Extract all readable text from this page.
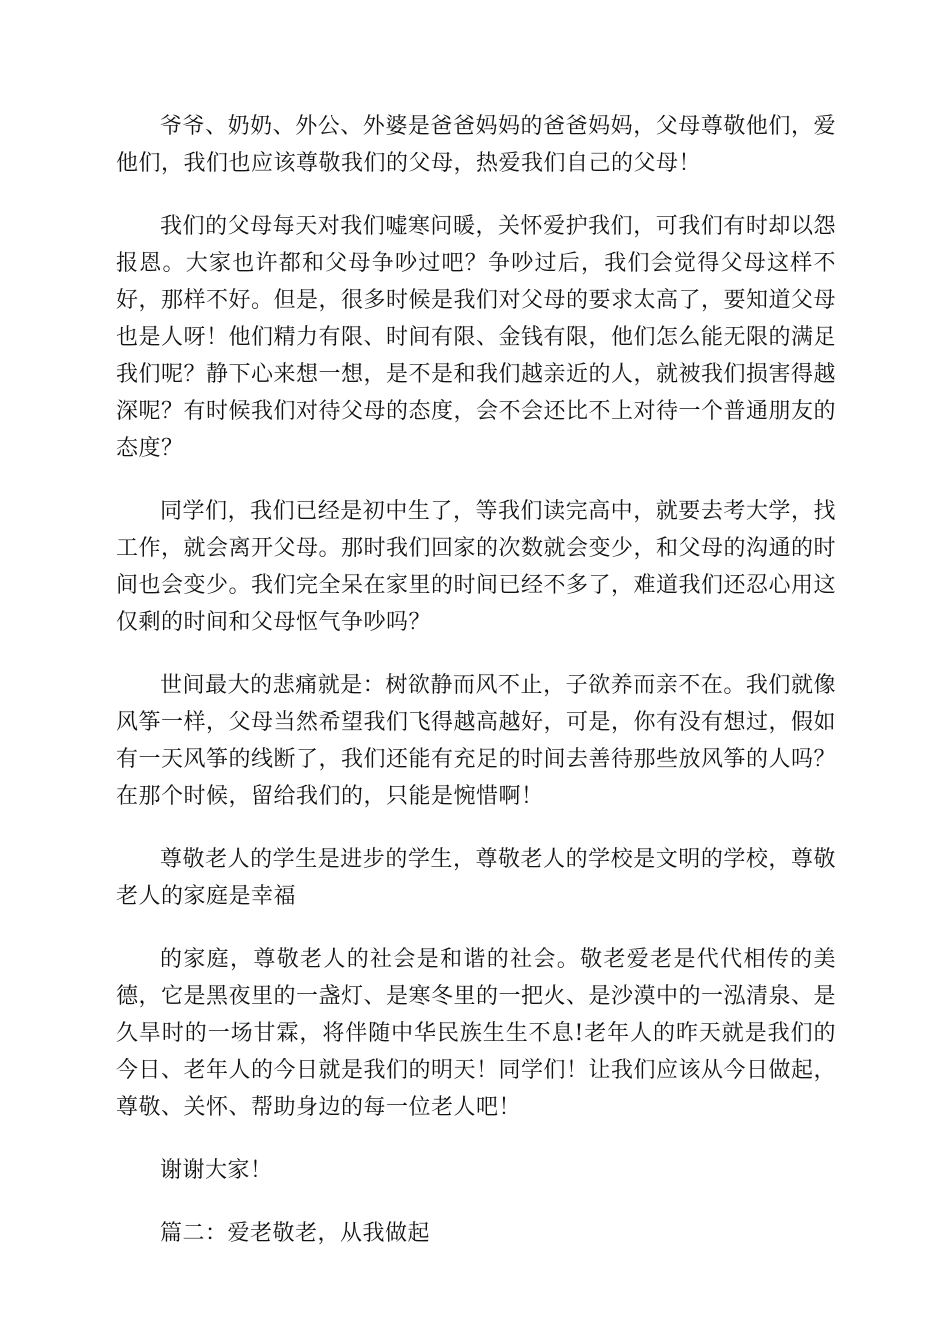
爷爷、奶奶、外公、外婆是爸爸妈妈的爸爸妈妈，父母尊敬他们，爱他们，我们也应该尊敬我们的父母，热爱我们自己的父母！

我们的父母每天对我们嘘寒问暖，关怀爱护我们，可我们有时却以怨报恩。大家也许都和父母争吵过吧？争吵过后，我们会觉得父母这样不好，那样不好。但是，很多时候是我们对父母的要求太高了，要知道父母也是人呀！他们精力有限、时间有限、金钱有限，他们怎么能无限的满足我们呢？静下心来想一想，是不是和我们越亲近的人，就被我们损害得越深呢？有时候我们对待父母的态度，会不会还比不上对待一个普通朋友的态度？

同学们，我们已经是初中生了，等我们读完高中，就要去考大学，找工作，就会离开父母。那时我们回家的次数就会变少，和父母的沟通的时间也会变少。我们完全呆在家里的时间已经不多了，难道我们还忍心用这仅剩的时间和父母怄气争吵吗？

世间最大的悲痛就是：树欲静而风不止，子欲养而亲不在。我们就像风筝一样，父母当然希望我们飞得越高越好，可是，你有没有想过，假如有一天风筝的线断了，我们还能有充足的时间去善待那些放风筝的人吗？在那个时候，留给我们的，只能是惋惜啊！

尊敬老人的学生是进步的学生，尊敬老人的学校是文明的学校，尊敬老人的家庭是幸福

的家庭，尊敬老人的社会是和谐的社会。敬老爱老是代代相传的美德，它是黑夜里的一盏灯、是寒冬里的一把火、是沙漠中的一泓清泉、是久旱时的一场甘霖，将伴随中华民族生生不息!老年人的昨天就是我们的今日、老年人的今日就是我们的明天！同学们！让我们应该从今日做起，尊敬、关怀、帮助身边的每一位老人吧！

谢谢大家！

篇二：爱老敬老，从我做起
